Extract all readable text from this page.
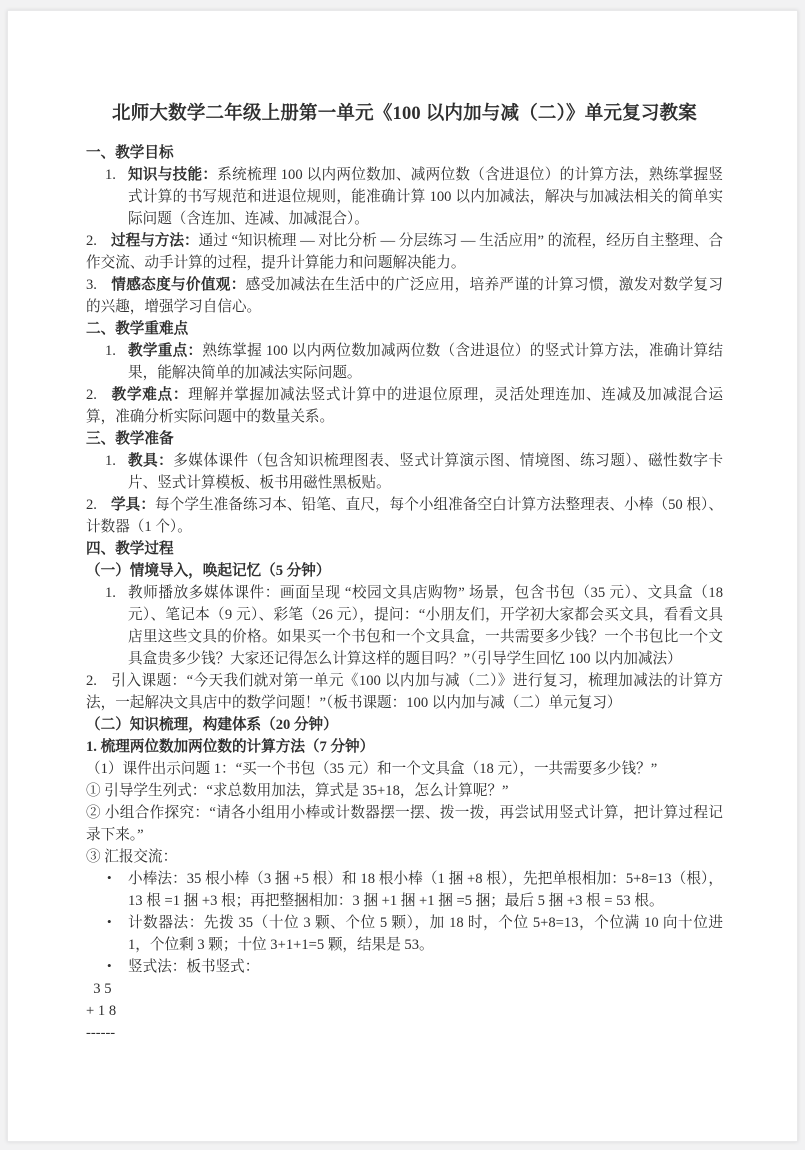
北师大数学二年级上册第一单元《100 以内加与减（二）》单元复习教案
一、教学目标
1. 知识与技能：系统梳理 100 以内两位数加、减两位数（含进退位）的计算方法，熟练掌握竖式计算的书写规范和进退位规则，能准确计算 100 以内加减法，解决与加减法相关的简单实际问题（含连加、连减、加减混合）。
2. 过程与方法：通过 “知识梳理 — 对比分析 — 分层练习 — 生活应用” 的流程，经历自主整理、合作交流、动手计算的过程，提升计算能力和问题解决能力。
3. 情感态度与价值观：感受加减法在生活中的广泛应用，培养严谨的计算习惯，激发对数学复习的兴趣，增强学习自信心。
二、教学重难点
1. 教学重点：熟练掌握 100 以内两位数加减两位数（含进退位）的竖式计算方法，准确计算结果，能解决简单的加减法实际问题。
2. 教学难点：理解并掌握加减法竖式计算中的进退位原理，灵活处理连加、连减及加减混合运算，准确分析实际问题中的数量关系。
三、教学准备
1. 教具：多媒体课件（包含知识梳理图表、竖式计算演示图、情境图、练习题）、磁性数字卡片、竖式计算模板、板书用磁性黑板贴。
2. 学具：每个学生准备练习本、铅笔、直尺，每个小组准备空白计算方法整理表、小棒（50 根）、计数器（1 个）。
四、教学过程
（一）情境导入，唤起记忆（5 分钟）
1. 教师播放多媒体课件：画面呈现 “校园文具店购物” 场景，包含书包（35 元）、文具盒（18 元）、笔记本（9 元）、彩笔（26 元），提问：“小朋友们，开学初大家都会买文具，看看文具店里这些文具的价格。如果买一个书包和一个文具盒，一共需要多少钱？一个书包比一个文具盒贵多少钱？大家还记得怎么计算这样的题目吗？”（引导学生回忆 100 以内加减法）
2. 引入课题：“今天我们就对第一单元《100 以内加与减（二）》进行复习，梳理加减法的计算方法，一起解决文具店中的数学问题！”（板书课题：100 以内加与减（二）单元复习）
（二）知识梳理，构建体系（20 分钟）
1. 梳理两位数加两位数的计算方法（7 分钟）
（1）课件出示问题 1：“买一个书包（35 元）和一个文具盒（18 元），一共需要多少钱？”
① 引导学生列式：“求总数用加法，算式是 35+18，怎么计算呢？”
② 小组合作探究：“请各小组用小棒或计数器摆一摆、拨一拨，再尝试用竖式计算，把计算过程记录下来。”
③ 汇报交流：
• 小棒法：35 根小棒（3 捆 +5 根）和 18 根小棒（1 捆 +8 根），先把单根相加：5+8=13（根），13 根 =1 捆 +3 根；再把整捆相加：3 捆 +1 捆 +1 捆 =5 捆；最后 5 捆 +3 根 = 53 根。
• 计数器法：先拨 35（十位 3 颗、个位 5 颗），加 18 时，个位 5+8=13，个位满 10 向十位进 1，个位剩 3 颗；十位 3+1+1=5 颗，结果是 53。
• 竖式法：板书竖式：
3 5
+ 1 8
------
